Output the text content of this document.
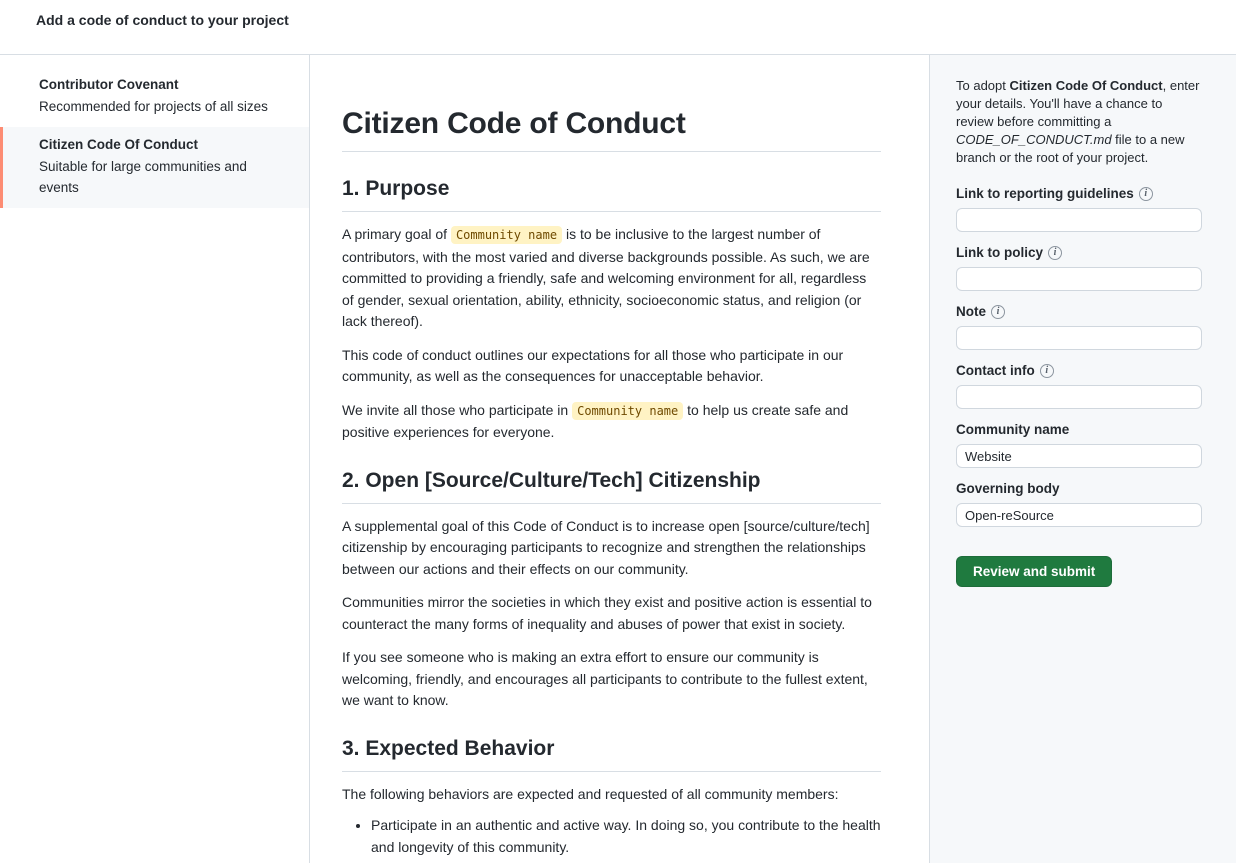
Add a code of conduct to your project
Contributor Covenant
Recommended for projects of all sizes
Citizen Code Of Conduct
Suitable for large communities and events
Citizen Code of Conduct
1. Purpose

A primary goal of Community name is to be inclusive to the largest number of contributors, with the most varied and diverse backgrounds possible. As such, we are committed to providing a friendly, safe and welcoming environment for all, regardless of gender, sexual orientation, ability, ethnicity, socioeconomic status, and religion (or lack thereof).

This code of conduct outlines our expectations for all those who participate in our community, as well as the consequences for unacceptable behavior.

We invite all those who participate in Community name to help us create safe and positive experiences for everyone.

2. Open [Source/Culture/Tech] Citizenship

A supplemental goal of this Code of Conduct is to increase open [source/culture/tech] citizenship by encouraging participants to recognize and strengthen the relationships between our actions and their effects on our community.

Communities mirror the societies in which they exist and positive action is essential to counteract the many forms of inequality and abuses of power that exist in society.

If you see someone who is making an extra effort to ensure our community is welcoming, friendly, and encourages all participants to contribute to the fullest extent, we want to know.

3. Expected Behavior

The following behaviors are expected and requested of all community members:

• Participate in an authentic and active way. In doing so, you contribute to the health and longevity of this community.
To adopt Citizen Code Of Conduct, enter your details. You'll have a chance to review before committing a CODE_OF_CONDUCT.md file to a new branch or the root of your project.
Link to reporting guidelines	i
Link to policy	i
Note	i
Contact info	i
Community name
Website
Governing body
Open-reSource
Review and submit
